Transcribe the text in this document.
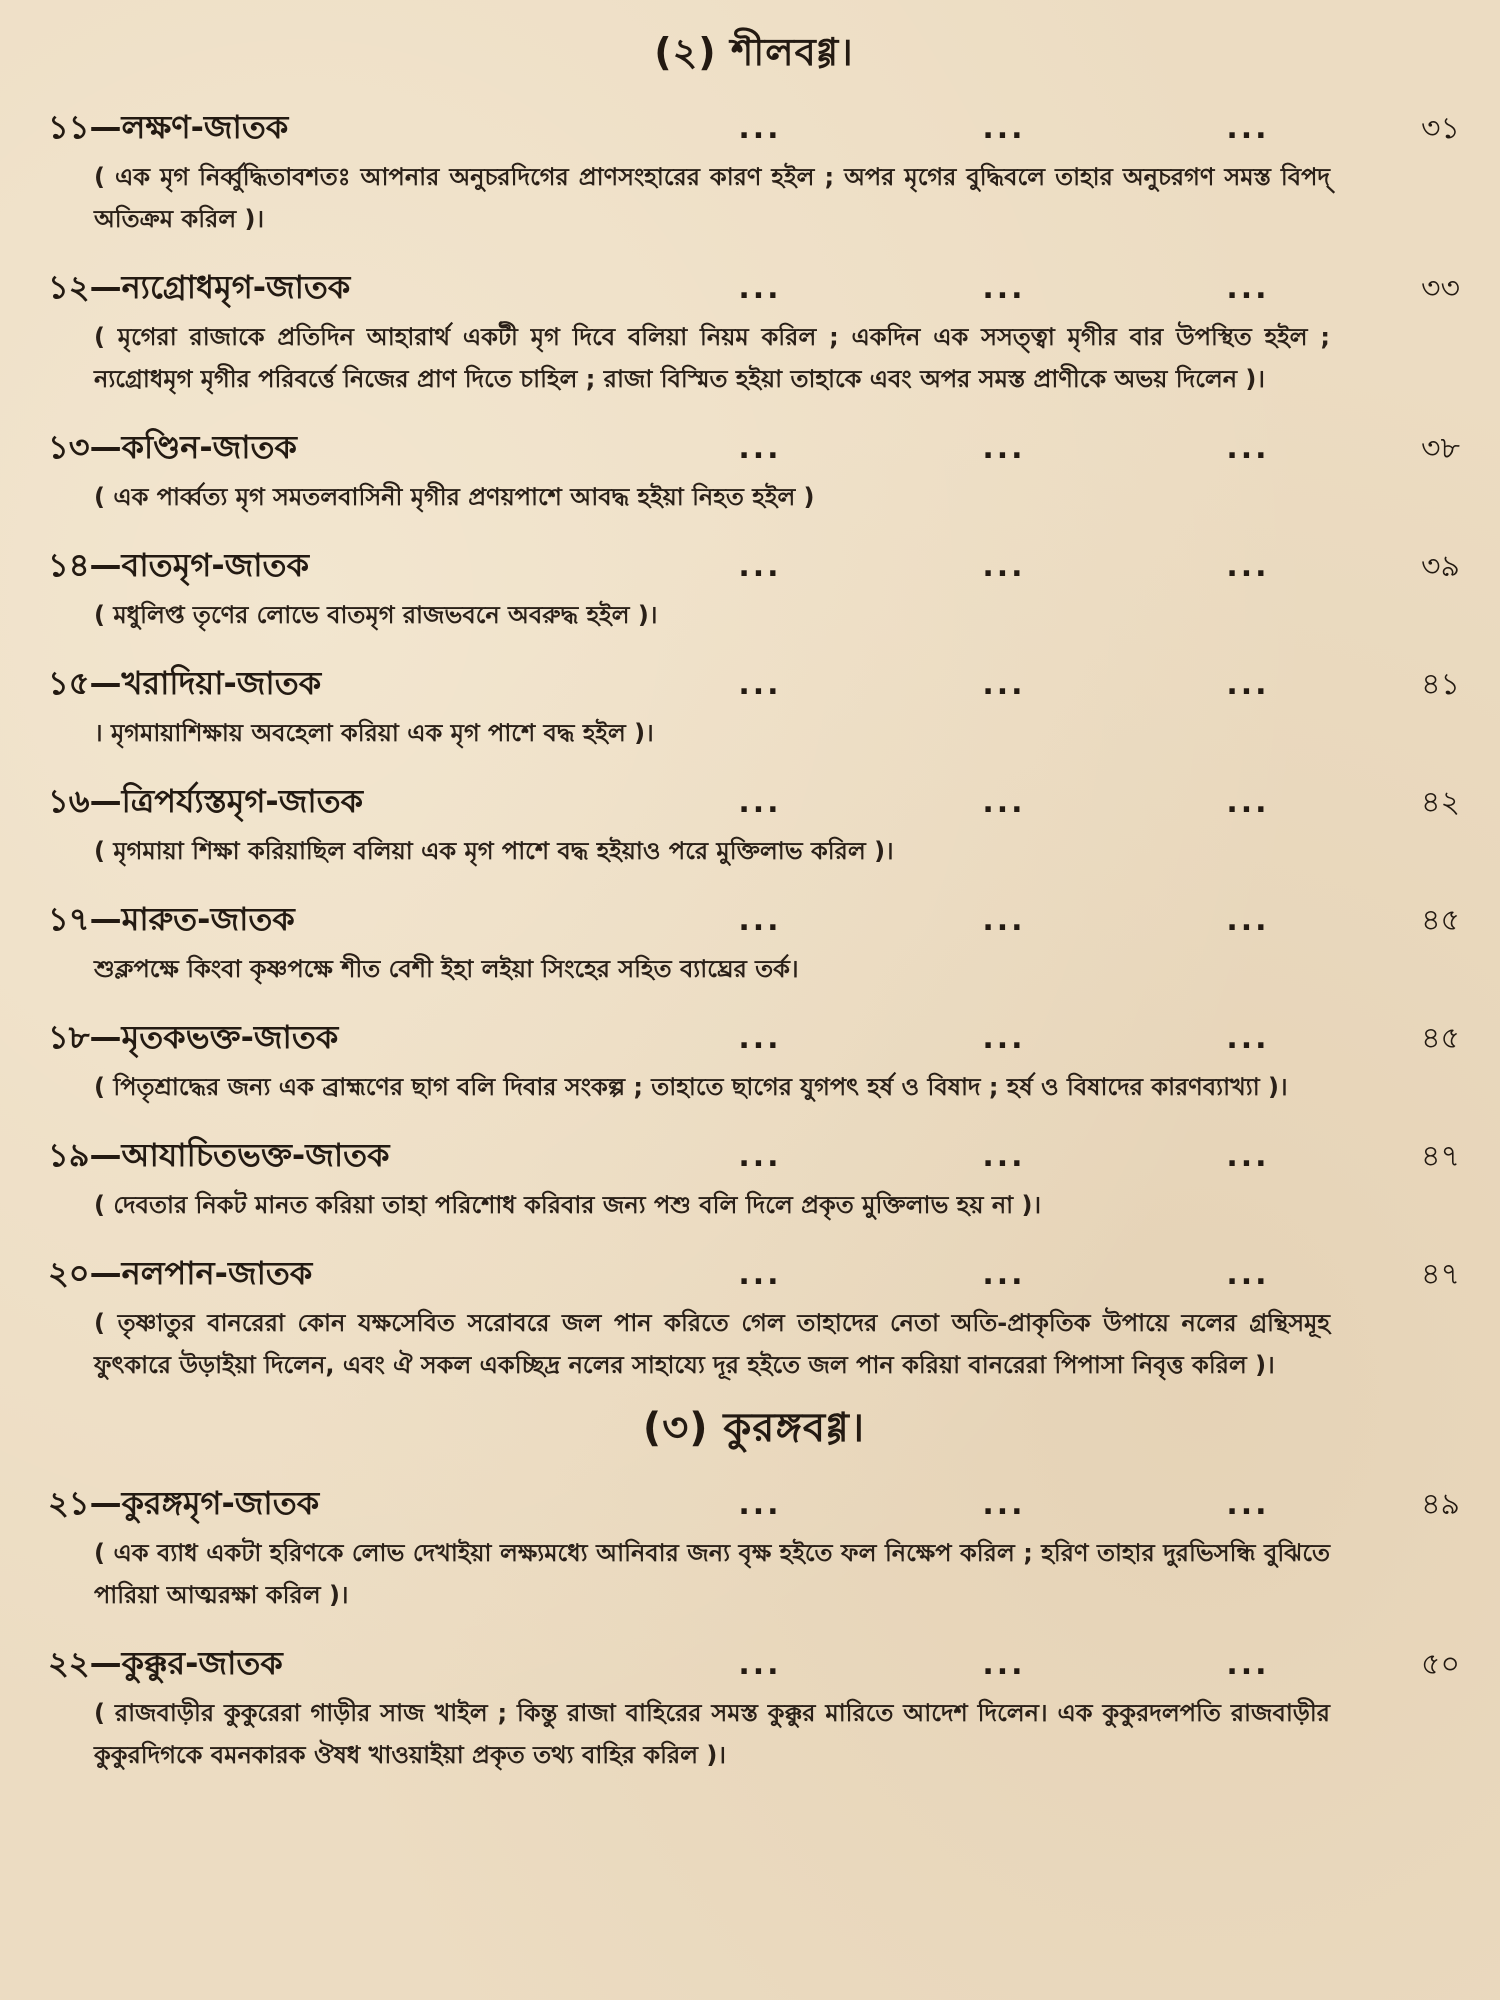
(২) শীলবগ্গ।
১১—লক্ষণ-জাতক	...	...	...	৩১
( এক মৃগ নির্ব্বুদ্ধিতাবশতঃ আপনার অনুচরদিগের প্রাণসংহারের কারণ হইল ; অপর মৃগের বুদ্ধিবলে তাহার অনুচরগণ সমস্ত বিপদ্ অতিক্রম করিল )।
১২—ন্যগ্রোধমৃগ-জাতক	...	...	...	৩৩
( মৃগেরা রাজাকে প্রতিদিন আহারার্থ একটী মৃগ দিবে বলিয়া নিয়ম করিল ; একদিন এক সসত্ত্বা মৃগীর বার উপস্থিত হইল ; ন্যগ্রোধমৃগ মৃগীর পরিবর্ত্তে নিজের প্রাণ দিতে চাহিল ; রাজা বিস্মিত হইয়া তাহাকে এবং অপর সমস্ত প্রাণীকে অভয় দিলেন )।
১৩—কণ্ডিন-জাতক	...	...	...	৩৮
( এক পার্ব্বত্য মৃগ সমতলবাসিনী মৃগীর প্রণয়পাশে আবদ্ধ হইয়া নিহত হইল )
১৪—বাতমৃগ-জাতক	...	...	...	৩৯
( মধুলিপ্ত তৃণের লোভে বাতমৃগ রাজভবনে অবরুদ্ধ হইল )।
১৫—খরাদিয়া-জাতক	...	...	...	৪১
। মৃগমায়াশিক্ষায় অবহেলা করিয়া এক মৃগ পাশে বদ্ধ হইল )।
১৬—ত্রিপর্য্যস্তমৃগ-জাতক	...	...	...	৪২
( মৃগমায়া শিক্ষা করিয়াছিল বলিয়া এক মৃগ পাশে বদ্ধ হইয়াও পরে মুক্তিলাভ করিল )।
১৭—মারুত-জাতক	...	...	...	৪৫
শুক্লপক্ষে কিংবা কৃষ্ণপক্ষে শীত বেশী ইহা লইয়া সিংহের সহিত ব্যাঘ্রের তর্ক।
১৮—মৃতকভক্ত-জাতক	...	...	...	৪৫
( পিতৃশ্রাদ্ধের জন্য এক ব্রাহ্মণের ছাগ বলি দিবার সংকল্প ; তাহাতে ছাগের যুগপৎ হর্ষ ও বিষাদ ; হর্ষ ও বিষাদের কারণব্যাখ্যা )।
১৯—আযাচিতভক্ত-জাতক	...	...	...	৪৭
( দেবতার নিকট মানত করিয়া তাহা পরিশোধ করিবার জন্য পশু বলি দিলে প্রকৃত মুক্তিলাভ হয় না )।
২০—নলপান-জাতক	...	...	...	৪৭
( তৃষ্ণাতুর বানরেরা কোন যক্ষসেবিত সরোবরে জল পান করিতে গেল তাহাদের নেতা অতি-প্রাকৃতিক উপায়ে নলের গ্রন্থিসমূহ ফুৎকারে উড়াইয়া দিলেন, এবং ঐ সকল একচ্ছিদ্র নলের সাহায্যে দূর হইতে জল পান করিয়া বানরেরা পিপাসা নিবৃত্ত করিল )।
(৩) কুরঙ্গবগ্গ।
২১—কুরঙ্গমৃগ-জাতক	...	...	...	৪৯
( এক ব্যাধ একটা হরিণকে লোভ দেখাইয়া লক্ষ্যমধ্যে আনিবার জন্য বৃক্ষ হইতে ফল নিক্ষেপ করিল ; হরিণ তাহার দুরভিসন্ধি বুঝিতে পারিয়া আত্মরক্ষা করিল )।
২২—কুক্কুর-জাতক	...	...	...	৫০
( রাজবাড়ীর কুকুরেরা গাড়ীর সাজ খাইল ; কিন্তু রাজা বাহিরের সমস্ত কুক্কুর মারিতে আদেশ দিলেন। এক কুকুরদলপতি রাজবাড়ীর কুকুরদিগকে বমনকারক ঔষধ খাওয়াইয়া প্রকৃত তথ্য বাহির করিল )।
